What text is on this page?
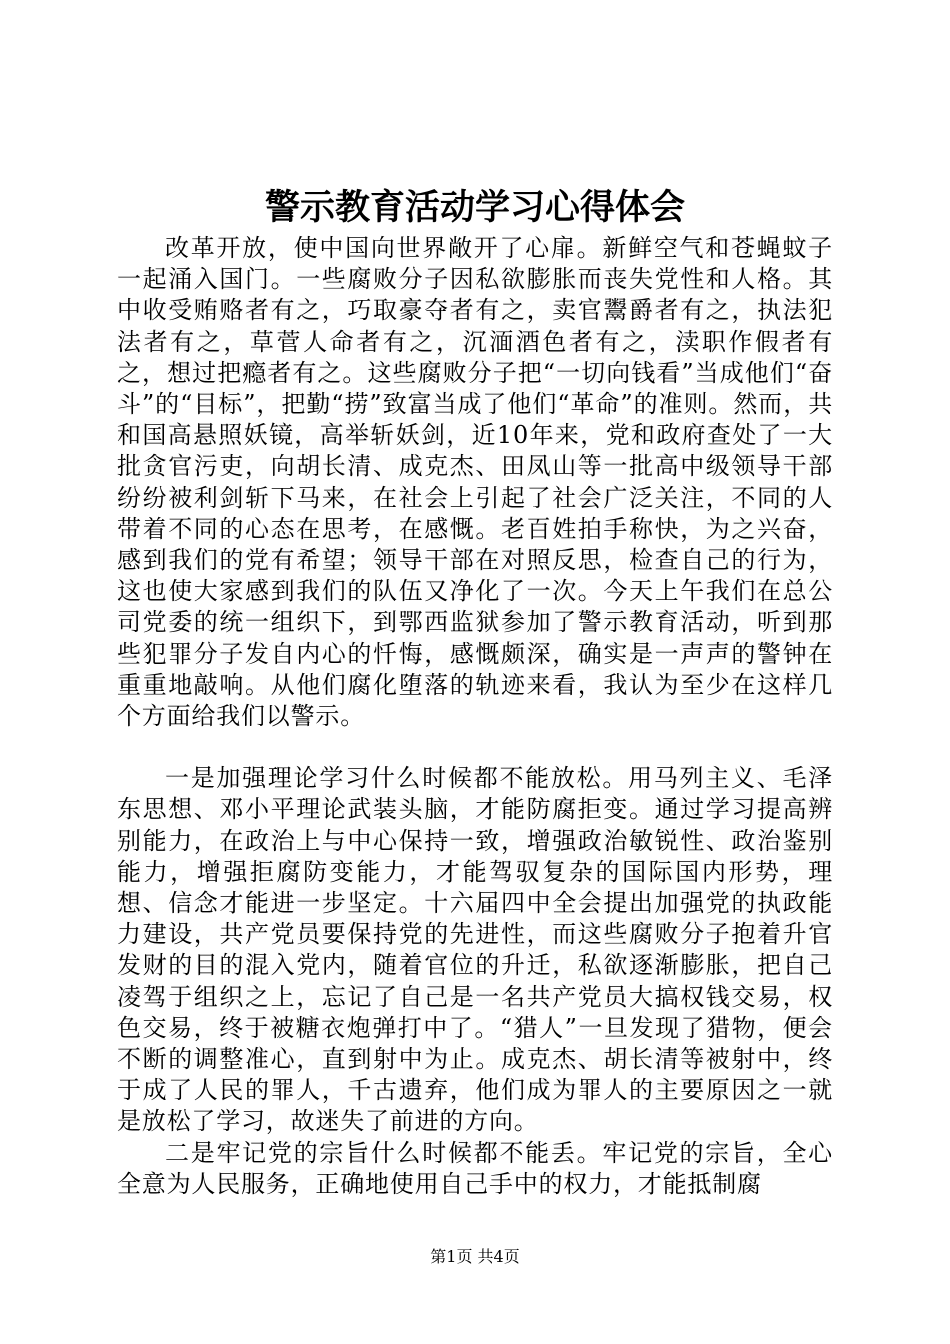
警示教育活动学习心得体会

改革开放，使中国向世界敞开了心扉。新鲜空气和苍蝇蚊子一起涌入国门。一些腐败分子因私欲膨胀而丧失党性和人格。其中收受贿赂者有之，巧取豪夺者有之，卖官鬻爵者有之，执法犯法者有之，草菅人命者有之，沉湎酒色者有之，渎职作假者有之，想过把瘾者有之。这些腐败分子把“一切向钱看”当成他们“奋斗”的“目标”，把勤“捞”致富当成了他们“革命”的准则。然而，共和国高悬照妖镜，高举斩妖剑，近10年来，党和政府查处了一大批贪官污吏，向胡长清、成克杰、田凤山等一批高中级领导干部纷纷被利剑斩下马来，在社会上引起了社会广泛关注，不同的人带着不同的心态在思考，在感慨。老百姓拍手称快，为之兴奋，感到我们的党有希望；领导干部在对照反思，检查自己的行为，这也使大家感到我们的队伍又净化了一次。今天上午我们在总公司党委的统一组织下，到鄂西监狱参加了警示教育活动，听到那些犯罪分子发自内心的忏悔，感慨颇深，确实是一声声的警钟在重重地敲响。从他们腐化堕落的轨迹来看，我认为至少在这样几个方面给我们以警示。

一是加强理论学习什么时候都不能放松。用马列主义、毛泽东思想、邓小平理论武装头脑，才能防腐拒变。通过学习提高辨别能力，在政治上与中心保持一致，增强政治敏锐性、政治鉴别能力，增强拒腐防变能力，才能驾驭复杂的国际国内形势，理想、信念才能进一步坚定。十六届四中全会提出加强党的执政能力建设，共产党员要保持党的先进性，而这些腐败分子抱着升官发财的目的混入党内，随着官位的升迁，私欲逐渐膨胀，把自己凌驾于组织之上，忘记了自己是一名共产党员大搞权钱交易，权色交易，终于被糖衣炮弹打中了。“猎人”一旦发现了猎物，便会不断的调整准心，直到射中为止。成克杰、胡长清等被射中，终于成了人民的罪人，千古遗弃，他们成为罪人的主要原因之一就是放松了学习，故迷失了前进的方向。

二是牢记党的宗旨什么时候都不能丢。牢记党的宗旨，全心全意为人民服务，正确地使用自己手中的权力，才能抵制腐

第1页 共4页
